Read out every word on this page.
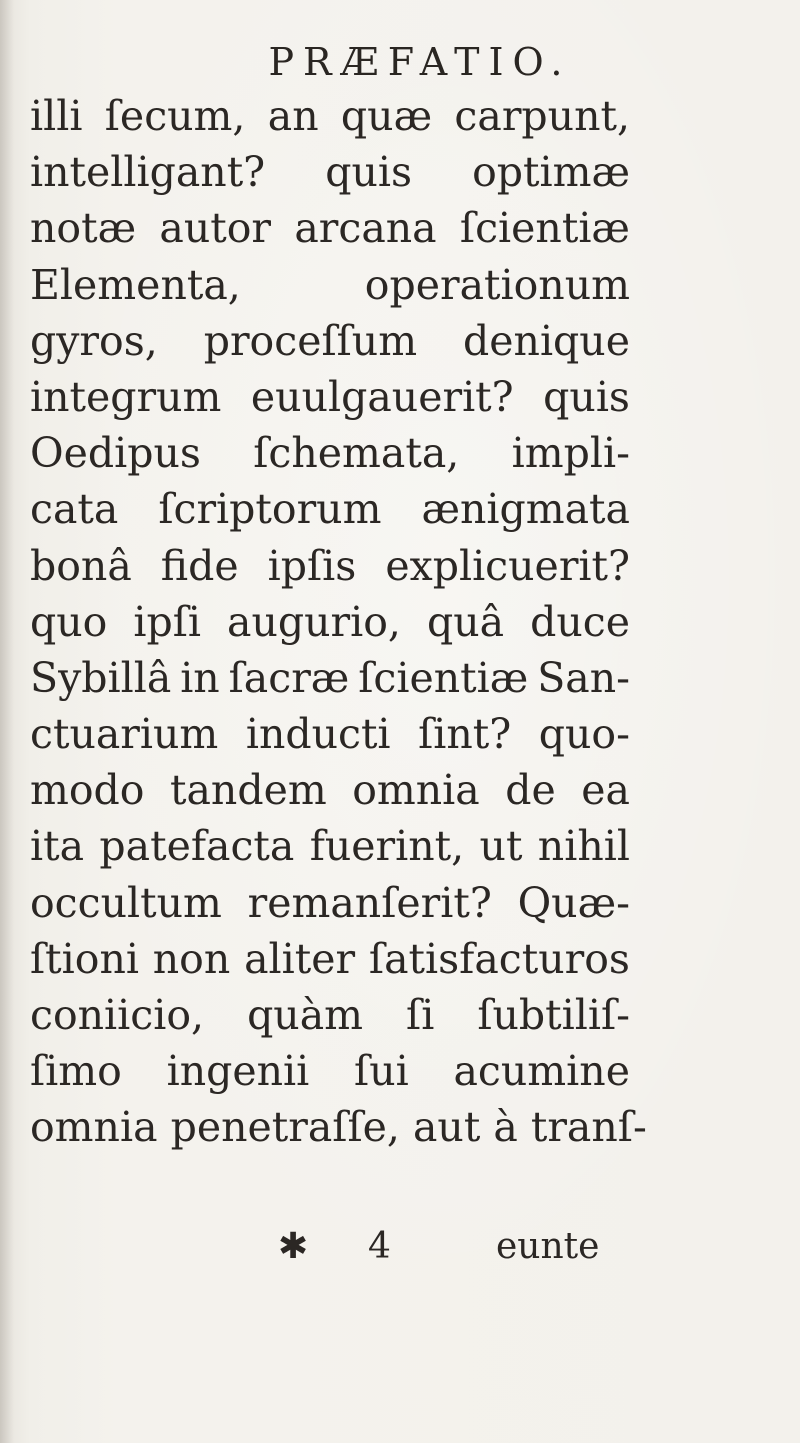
PRÆFATIO.
illi ſecum, an quæ carpunt,
intelligant? quis optimæ
notæ autor arcana ſcientiæ
Elementa,	operationum
gyros, proceſſum denique
integrum euulgauerit? quis
Oedipus ſchemata, impli-
cata ſcriptorum ænigmata
bonâ fide ipſis explicuerit?
quo ipſi augurio, quâ duce
Sybillâ in ſacræ ſcientiæ San-
ctuarium inducti ſint? quo-
modo tandem omnia de ea
ita patefacta fuerint, ut nihil
occultum remanſerit? Quæ-
ſtioni non aliter ſatisfacturos
coniicio, quàm ſi ſubtiliſ-
ſimo ingenii ſui acumine
omnia
penetraſſe,
aut
à
tranſ-

✱ 4	eunte
